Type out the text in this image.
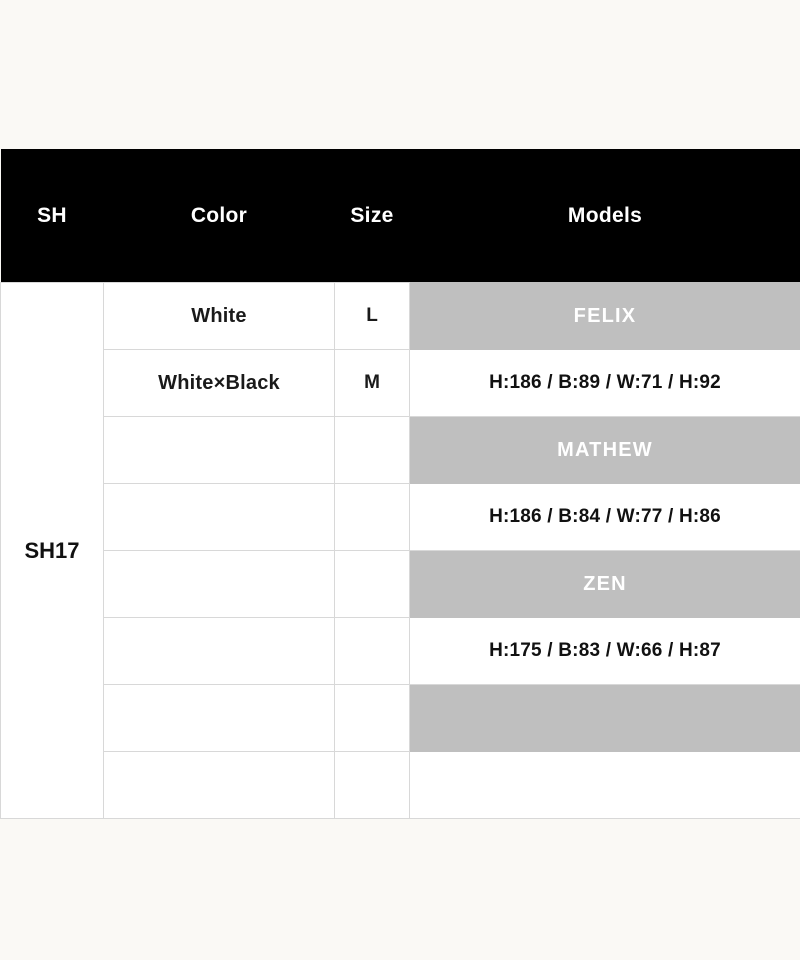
SH	Color	Size	Models
SH17	White	L	FELIX
	White×Black	M	H:186 / B:89 / W:71 / H:92
			MATHEW
			H:186 / B:84 / W:77 / H:86
			ZEN
			H:175 / B:83 / W:66 / H:87
